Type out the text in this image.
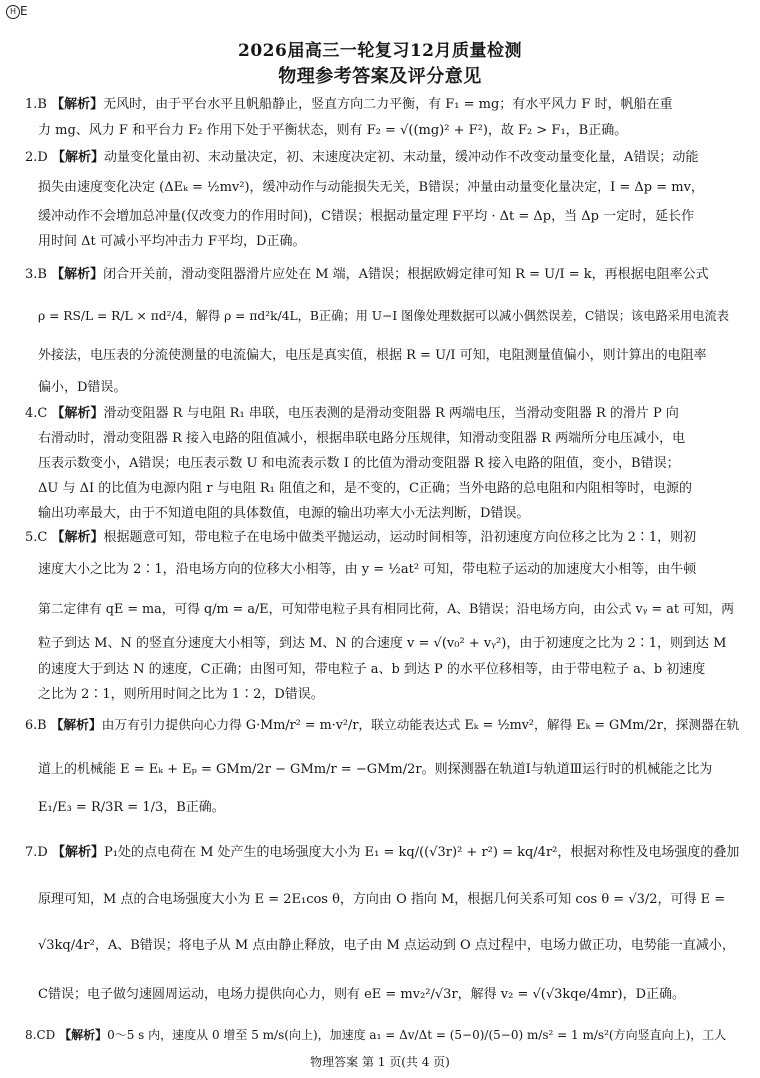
H E
2026届高三一轮复习12月质量检测
物理参考答案及评分意见
1.B 【解析】无风时，由于平台水平且帆船静止，竖直方向二力平衡，有 F₁ = mg；有水平风力 F 时，帆船在重
力 mg、风力 F 和平台力 F₂ 作用下处于平衡状态，则有 F₂ = √((mg)² + F²)，故 F₂ > F₁，B正确。
2.D 【解析】动量变化量由初、末动量决定，初、末速度决定初、末动量，缓冲动作不改变动量变化量，A错误；动能
损失由速度变化决定 (ΔEₖ = ½mv²)，缓冲动作与动能损失无关，B错误；冲量由动量变化量决定，I = Δp = mv，
缓冲动作不会增加总冲量(仅改变力的作用时间)，C错误；根据动量定理 F平均 · Δt = Δp，当 Δp 一定时，延长作
用时间 Δt 可减小平均冲击力 F平均，D正确。
3.B 【解析】闭合开关前，滑动变阻器滑片应处在 M 端，A错误；根据欧姆定律可知 R = U/I = k，再根据电阻率公式
ρ = RS/L = R/L × πd²/4，解得 ρ = πd²k/4L，B正确；用 U−I 图像处理数据可以减小偶然误差，C错误；该电路采用电流表
外接法，电压表的分流使测量的电流偏大，电压是真实值，根据 R = U/I 可知，电阻测量值偏小，则计算出的电阻率
偏小，D错误。
4.C 【解析】滑动变阻器 R 与电阻 R₁ 串联，电压表测的是滑动变阻器 R 两端电压，当滑动变阻器 R 的滑片 P 向
右滑动时，滑动变阻器 R 接入电路的阻值减小，根据串联电路分压规律，知滑动变阻器 R 两端所分电压减小，电
压表示数变小，A错误；电压表示数 U 和电流表示数 I 的比值为滑动变阻器 R 接入电路的阻值，变小，B错误；
ΔU 与 ΔI 的比值为电源内阻 r 与电阻 R₁ 阻值之和，是不变的，C正确；当外电路的总电阻和内阻相等时，电源的
输出功率最大，由于不知道电阻的具体数值，电源的输出功率大小无法判断，D错误。
5.C 【解析】根据题意可知，带电粒子在电场中做类平抛运动，运动时间相等，沿初速度方向位移之比为 2∶1，则初
速度大小之比为 2∶1，沿电场方向的位移大小相等，由 y = ½at² 可知，带电粒子运动的加速度大小相等，由牛顿
第二定律有 qE = ma，可得 q/m = a/E，可知带电粒子具有相同比荷，A、B错误；沿电场方向，由公式 vᵧ = at 可知，两
粒子到达 M、N 的竖直分速度大小相等，到达 M、N 的合速度 v = √(v₀² + vᵧ²)，由于初速度之比为 2∶1，则到达 M
的速度大于到达 N 的速度，C正确；由图可知，带电粒子 a、b 到达 P 的水平位移相等，由于带电粒子 a、b 初速度
之比为 2∶1，则所用时间之比为 1∶2，D错误。
6.B 【解析】由万有引力提供向心力得 G·Mm/r² = m·v²/r，联立动能表达式 Eₖ = ½mv²，解得 Eₖ = GMm/2r，探测器在轨
道上的机械能 E = Eₖ + Eₚ = GMm/2r − GMm/r = −GMm/2r。则探测器在轨道Ⅰ与轨道Ⅲ运行时的机械能之比为
E₁/E₃ = R/3R = 1/3，B正确。
7.D 【解析】P₁处的点电荷在 M 处产生的电场强度大小为 E₁ = kq/((√3r)² + r²) = kq/4r²，根据对称性及电场强度的叠加
原理可知，M 点的合电场强度大小为 E = 2E₁cos θ，方向由 O 指向 M，根据几何关系可知 cos θ = √3/2，可得 E =
√3kq/4r²，A、B错误；将电子从 M 点由静止释放，电子由 M 点运动到 O 点过程中，电场力做正功，电势能一直减小，
C错误；电子做匀速圆周运动，电场力提供向心力，则有 eE = mv₂²/√3r，解得 v₂ = √(√3kqe/4mr)，D正确。
8.CD 【解析】0～5 s 内，速度从 0 增至 5 m/s(向上)，加速度 a₁ = Δv/Δt = (5−0)/(5−0) m/s² = 1 m/s²(方向竖直向上)，工人
物理答案 第 1 页(共 4 页)
